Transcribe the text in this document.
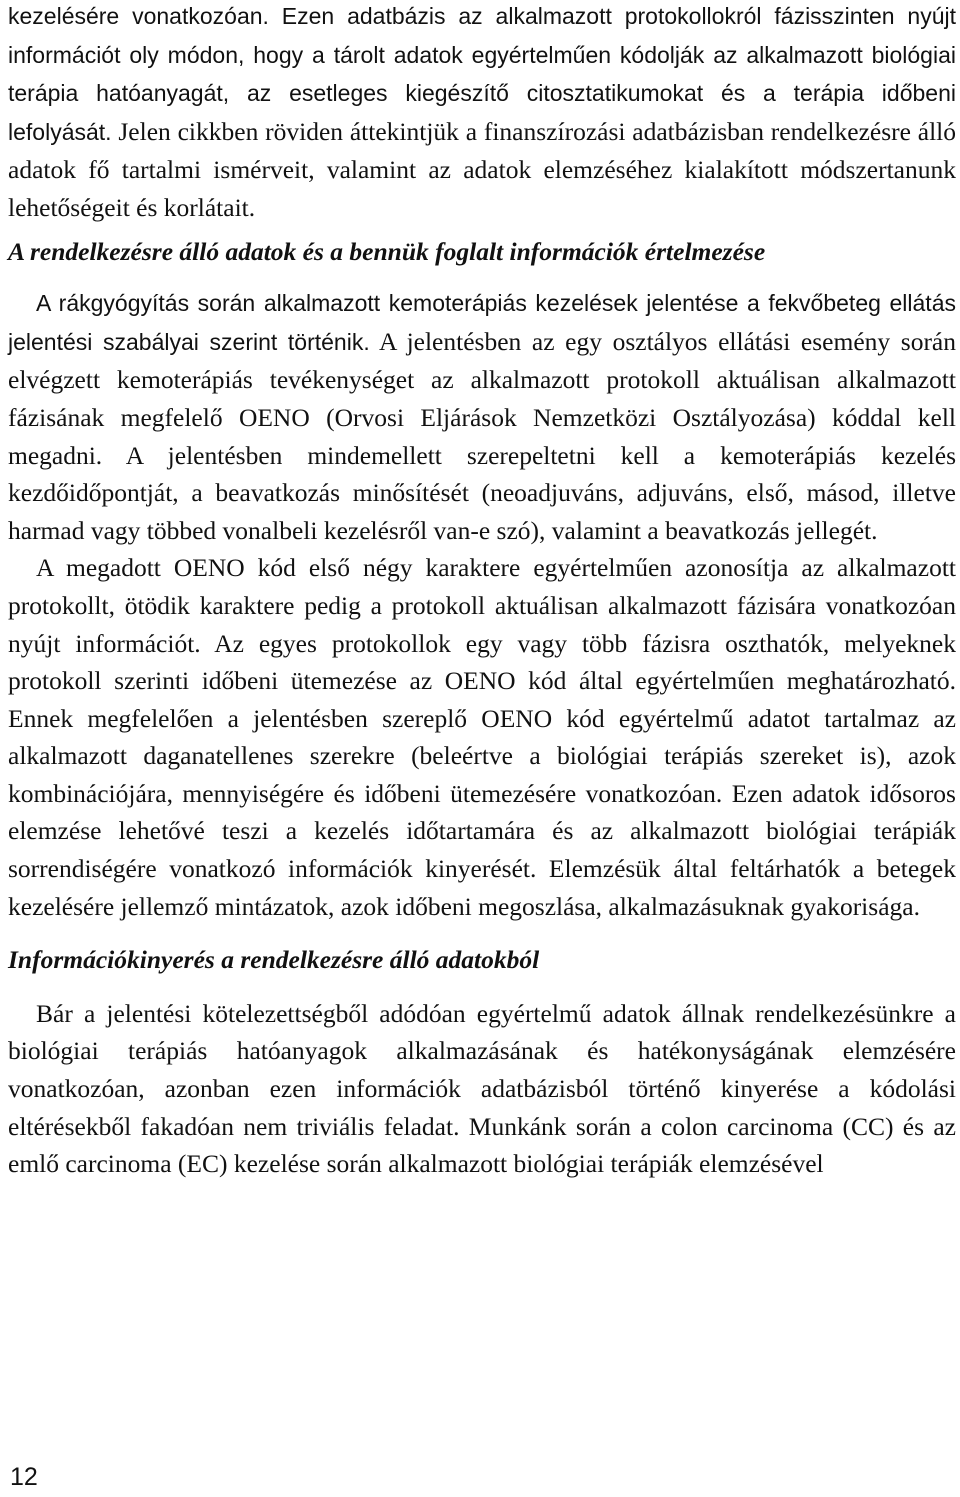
kezelésére vonatkozóan. Ezen adatbázis az alkalmazott protokollokról fázisszinten nyújt információt oly módon, hogy a tárolt adatok egyértelműen kódolják az alkalmazott biológiai terápia hatóanyagát, az esetleges kiegészítő citosztatikumokat és a terápia időbeni lefolyását. Jelen cikkben röviden áttekintjük a finanszírozási adatbázisban rendelkezésre álló adatok fő tartalmi ismérveit, valamint az adatok elemzéséhez kialakított módszertanunk lehetőségeit és korlátait.

A rendelkezésre álló adatok és a bennük foglalt információk értelmezése

A rákgyógyítás során alkalmazott kemoterápiás kezelések jelentése a fekvőbeteg ellátás jelentési szabályai szerint történik. A jelentésben az egy osztályos ellátási esemény során elvégzett kemoterápiás tevékenységet az alkalmazott protokoll aktuálisan alkalmazott fázisának megfelelő OENO (Orvosi Eljárások Nemzetközi Osztályozása) kóddal kell megadni. A jelentésben mindemellett szerepeltetni kell a kemoterápiás kezelés kezdőidőpontját, a beavatkozás minősítését (neoadjuváns, adjuváns, első, másod, illetve harmad vagy többed vonalbeli kezelésről van-e szó), valamint a beavatkozás jellegét.

A megadott OENO kód első négy karaktere egyértelműen azonosítja az alkalmazott protokollt, ötödik karaktere pedig a protokoll aktuálisan alkalmazott fázisára vonatkozóan nyújt információt. Az egyes protokollok egy vagy több fázisra oszthatók, melyeknek protokoll szerinti időbeni ütemezése az OENO kód által egyértelműen meghatározható. Ennek megfelelően a jelentésben szereplő OENO kód egyértelmű adatot tartalmaz az alkalmazott daganatellenes szerekre (beleértve a biológiai terápiás szereket is), azok kombinációjára, mennyiségére és időbeni ütemezésére vonatkozóan. Ezen adatok idősoros elemzése lehetővé teszi a kezelés időtartamára és az alkalmazott biológiai terápiák sorrendiségére vonatkozó információk kinyerését. Elemzésük által feltárhatók a betegek kezelésére jellemző mintázatok, azok időbeni megoszlása, alkalmazásuknak gyakorisága.

Információkinyerés a rendelkezésre álló adatokból

Bár a jelentési kötelezettségből adódóan egyértelmű adatok állnak rendelkezésünkre a biológiai terápiás hatóanyagok alkalmazásának és hatékonyságának elemzésére vonatkozóan, azonban ezen információk adatbázisból történő kinyerése a kódolási eltérésekből fakadóan nem triviális feladat. Munkánk során a colon carcinoma (CC) és az emlő carcinoma (EC) kezelése során alkalmazott biológiai terápiák elemzésével

12
